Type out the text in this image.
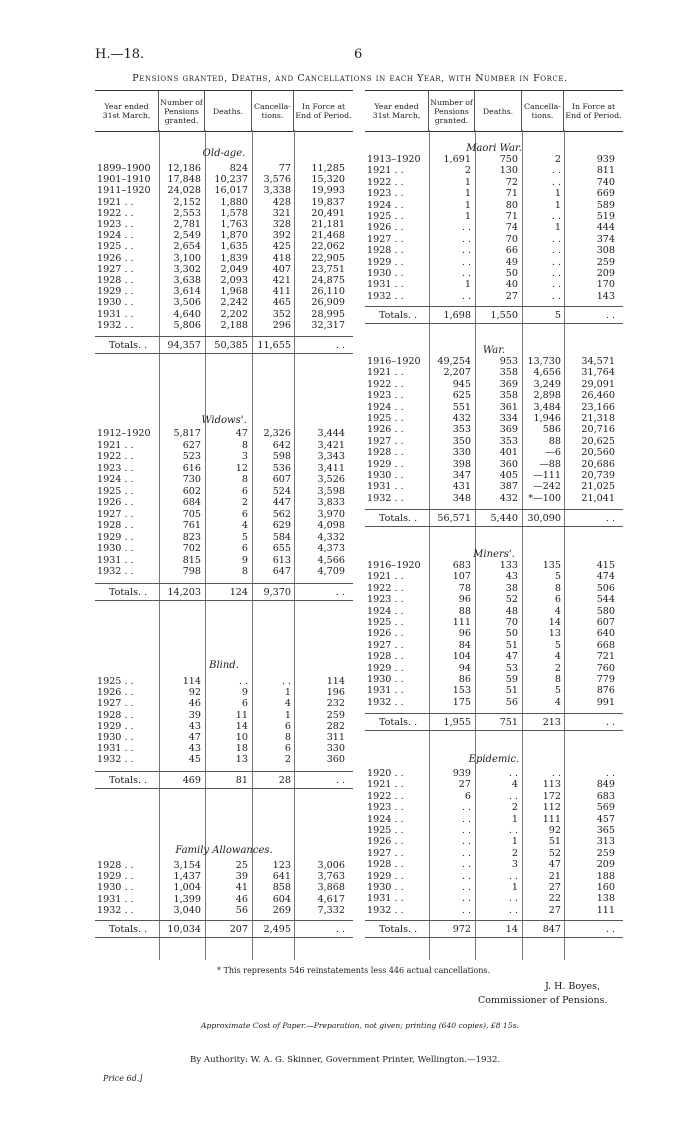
H.—18.	6
Pensions granted, Deaths, and Cancellations in each Year, with Number in Force.
Year ended 31st March,
Number of Pensions granted.
Deaths.	Cancella-tions.
In Force at End of Period.
Old-age.
1899–1900 12,186	824	77 11,285
1901–1910 17,848 10,237 3,576 15,320
1911–1920 24,028 16,017 3,338 19,993
1921 . .	2,152 1,880	428 19,837
1922 . .	2,553 1,578	321 20,491
1923 . .	2,781 1,763	328 21,181
1924 . .	2,549 1,870	392 21,468
1925 . .	2,654 1,635	425 22,062
1926 . .	3,100 1,839	418 22,905
1927 . .	3,302 2,049	407 23,751
1928 . .	3,638 2,093	421 24,875
1929 . .	3,614 1,968	411 26,110
1930 . .	3,506 2,242	465 26,909
1931 . .	4,640 2,202	352 28,995
1932 . .	5,806 2,188	296 32,317
Totals. . 94,357 50,385 11,655	. .
Widows'.
1912–1920 5,817	47 2,326	3,444
1921 . .	627	8	642	3,421
1922 . .	523	3	598	3,343
1923 . .	616	12	536	3,411
1924 . .	730	8	607	3,526
1925 . .	602	6	524	3,598
1926 . .	684	2	447	3,833
1927 . .	705	6	562	3,970
1928 . .	761	4	629	4,098
1929 . .	823	5	584	4,332
1930 . .	702	6	655	4,373
1931 . .	815	9	613	4,566
1932 . .	798	8	647	4,709
Totals. . 14,203	124 9,370	. .
Blind.
1925 . .	114	. .	. .	114
1926 . .	92	9	1	196
1927 . .	46	6	4	232
1928 . .	39	11	1	259
1929 . .	43	14	6	282
1930 . .	47	10	8	311
1931 . .	43	18	6	330
1932 . .	45	13	2	360
Totals. .	469	81	28	. .
Family Allowances.
1928 . .	3,154	25	123	3,006
1929 . .	1,437	39	641	3,763
1930 . .	1,004	41	858	3,868
1931 . .	1,399	46	604	4,617
1932 . .	3,040	56	269	7,332
Totals. . 10,034	207 2,495	. .
Year ended 31st March,
Number of Pensions granted.
Deaths.	Cancella-tions.
In Force at End of Period.
Maori War.
1913–1920 1,691	750	2	939
1921 . .	2	130	. .	811
1922 . .	1	72	. .	740
1923 . .	1	71	1	669
1924 . .	1	80	1	589
1925 . .	1	71	. .	519
1926 . .	. .	74	1	444
1927 . .	. .	70	. .	374
1928 . .	. .	66	. .	308
1929 . .	. .	49	. .	259
1930 . .	. .	50	. .	209
1931 . .	1	40	. .	170
1932 . .	. .	27	. .	143
Totals. .	1,698 1,550	5	. .
War.
1916–1920 49,254	953 13,730 34,571
1921 . .	2,207	358 4,656 31,764
1922 . .	945	369 3,249 29,091
1923 . .	625	358 2,898 26,460
1924 . .	551	361 3,484 23,166
1925 . .	432	334 1,946 21,318
1926 . .	353	369	586 20,716
1927 . .	350	353	88 20,625
1928 . .	330	401	—6 20,560
1929 . .	398	360 —88 20,686
1930 . .	347	405 —111 20,739
1931 . .	431	387 —242 21,025
1932 . .	348	432 *—100 21,041
Totals. . 56,571 5,440 30,090	. .
Miners'.
1916–1920	683	133	135	415
1921 . .	107	43	5	474
1922 . .	78	38	8	506
1923 . .	96	52	6	544
1924 . .	88	48	4	580
1925 . .	111	70	14	607
1926 . .	96	50	13	640
1927 . .	84	51	5	668
1928 . .	104	47	4	721
1929 . .	94	53	2	760
1930 . .	86	59	8	779
1931 . .	153	51	5	876
1932 . .	175	56	4	991
Totals. .	1,955	751	213	. .
Epidemic.
1920 . .	939	. .	. .	. .
1921 . .	27	4	113	849
1922 . .	6	. .	172	683
1923 . .	. .	2	112	569
1924 . .	. .	1	111	457
1925 . .	. .	. .	92	365
1926 . .	. .	1	51	313
1927 . .	. .	2	52	259
1928 . .	. .	3	47	209
1929 . .	. .	. .	21	188
1930 . .	. .	1	27	160
1931 . .	. .	. .	22	138
1932 . .	. .	. .	27	111
Totals. .	972	14	847	. .
* This represents 546 reinstatements less 446 actual cancellations.
J. H. Boyes,
Commissioner of Pensions.
Approximate Cost of Paper.—Preparation, not given; printing (640 copies), £8 15s.
By Authority: W. A. G. Skinner, Government Printer, Wellington.—1932.
Price 6d.]
